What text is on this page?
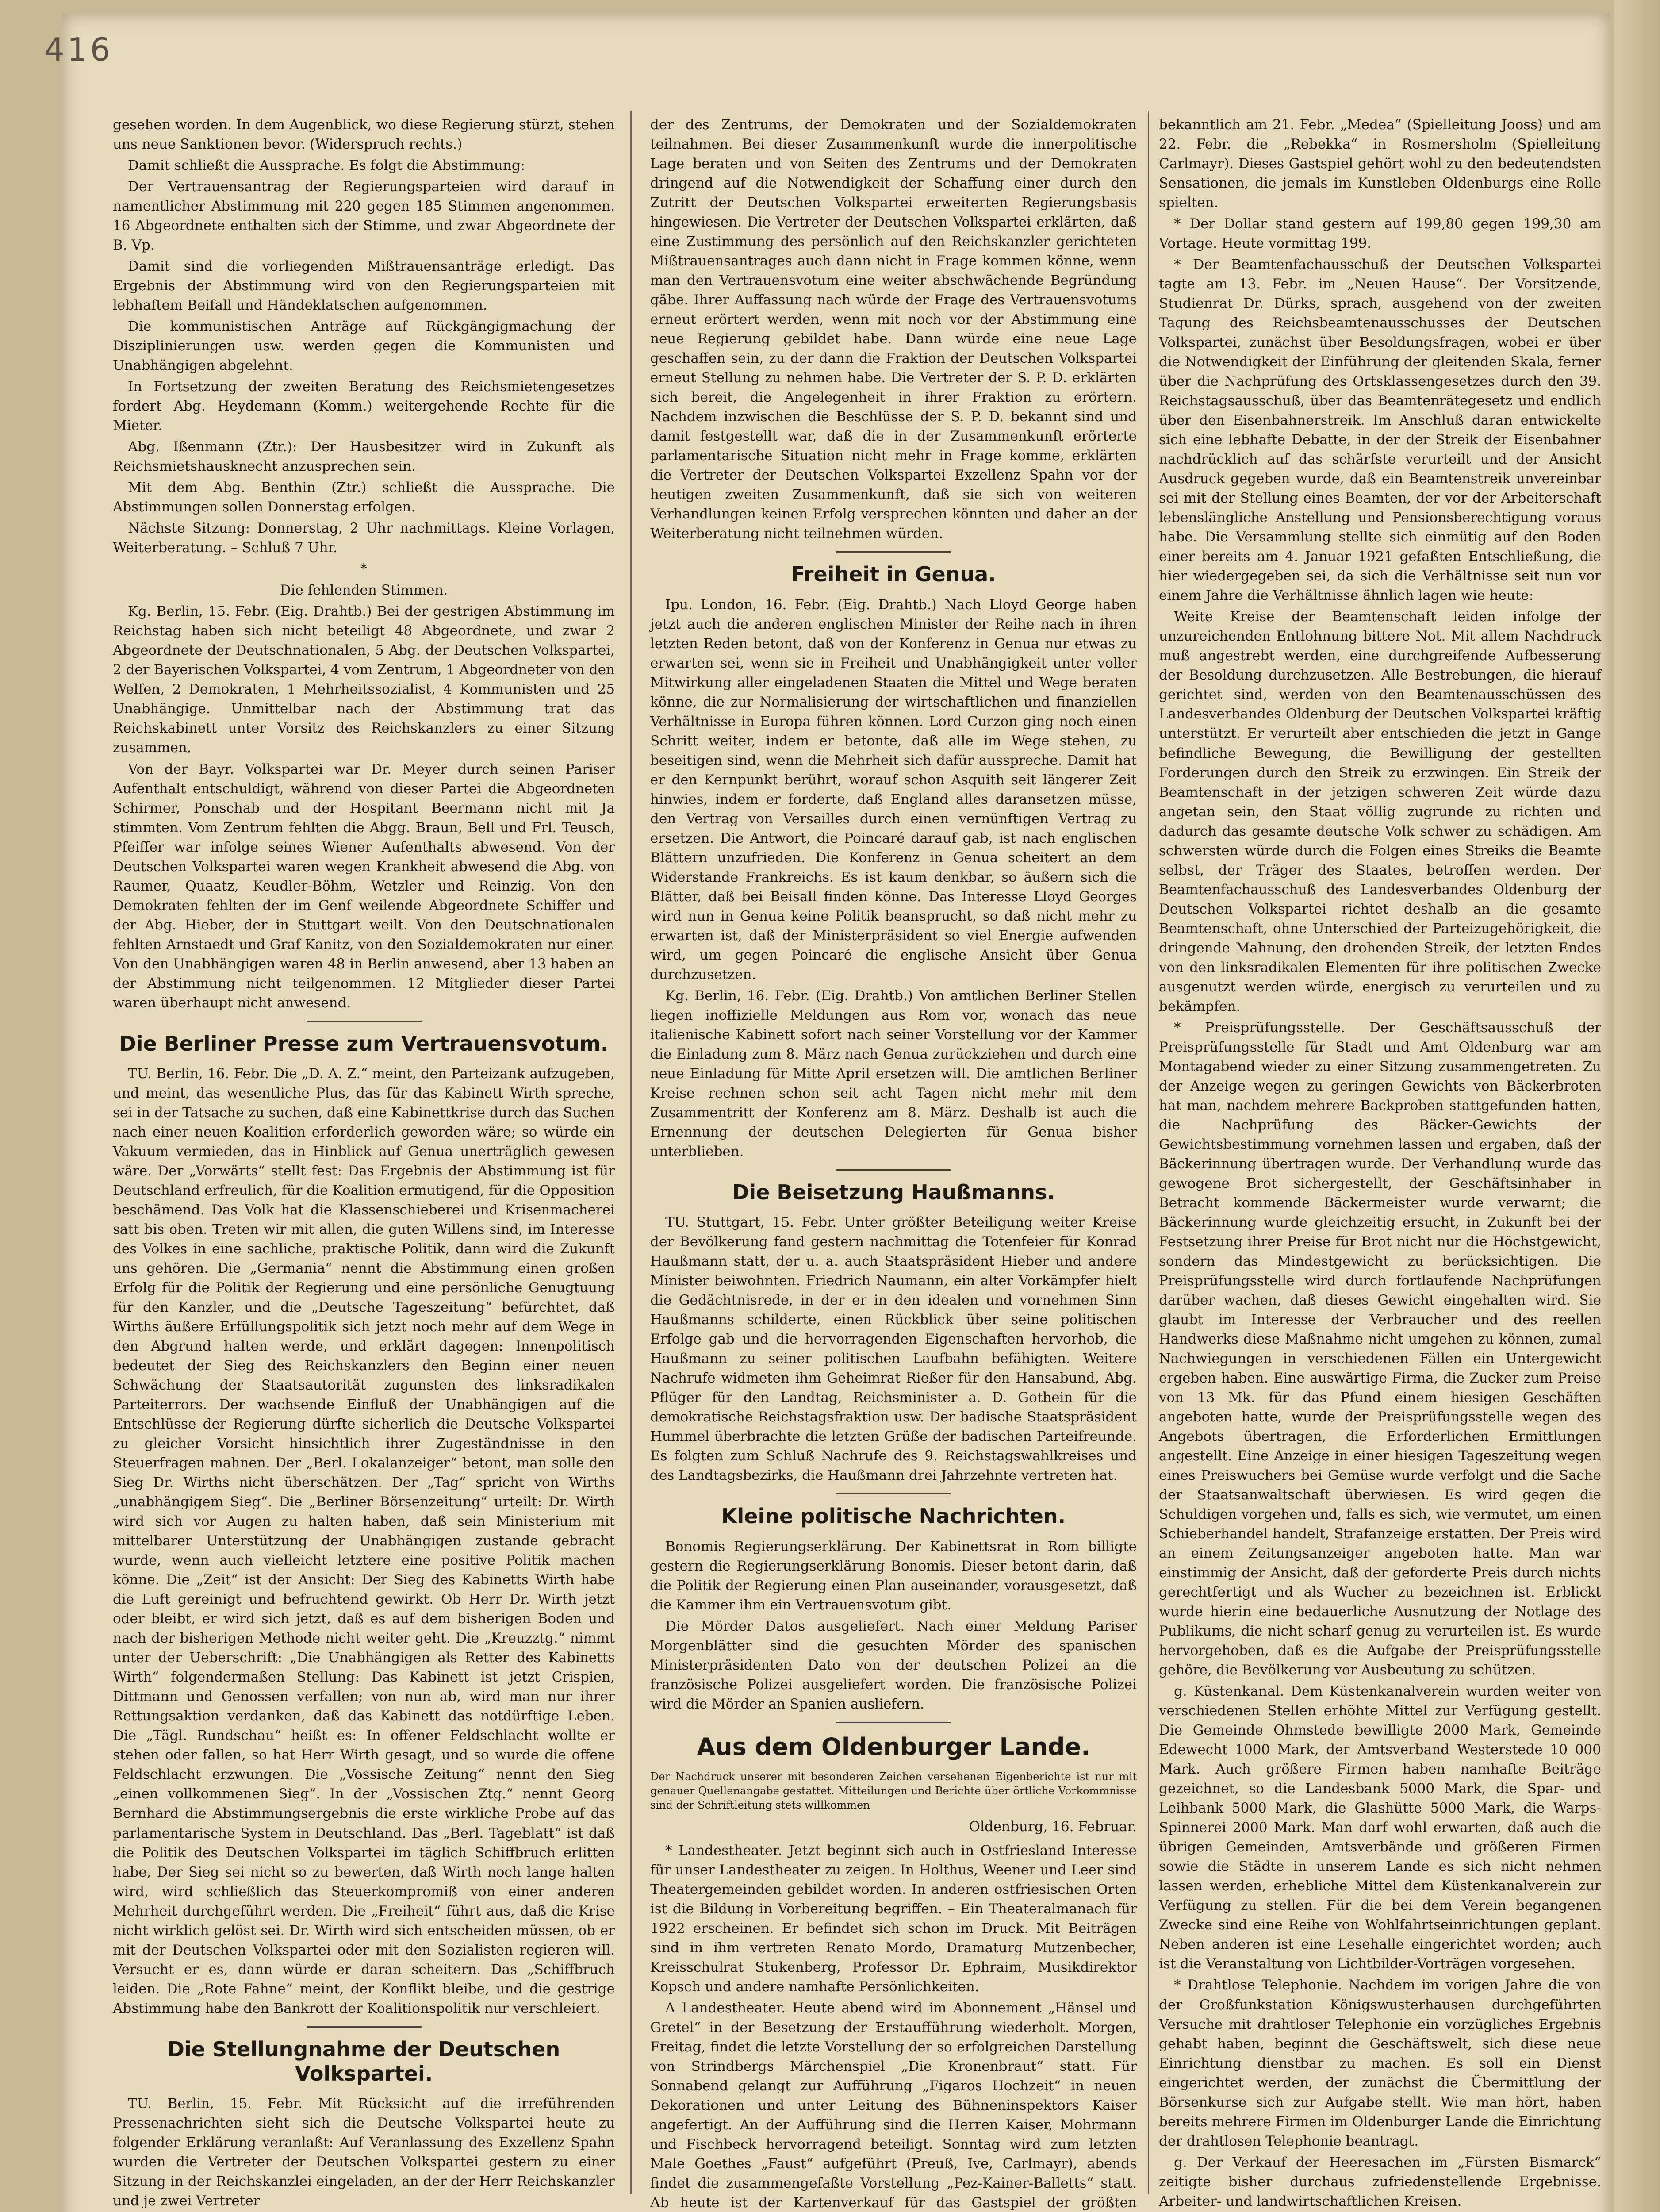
416

gesehen worden. In dem Augenblick, wo diese Regierung stürzt, stehen uns neue Sanktionen bevor. (Widerspruch rechts.)

Damit schließt die Aussprache. Es folgt die Abstimmung:

Der Vertrauensantrag der Regierungsparteien wird darauf in namentlicher Abstimmung mit 220 gegen 185 Stimmen angenommen. 16 Abgeordnete enthalten sich der Stimme, und zwar Abgeordnete der B. Vp.

Damit sind die vorliegenden Mißtrauensanträge erledigt. Das Ergebnis der Abstimmung wird von den Regierungsparteien mit lebhaftem Beifall und Händeklatschen aufgenommen.

Die kommunistischen Anträge auf Rückgängigmachung der Disziplinierungen usw. werden gegen die Kommunisten und Unabhängigen abgelehnt.

In Fortsetzung der zweiten Beratung des Reichsmietengesetzes fordert Abg. Heydemann (Komm.) weitergehende Rechte für die Mieter.

Abg. Ißenmann (Ztr.): Der Hausbesitzer wird in Zukunft als Reichsmietshausknecht anzusprechen sein.

Mit dem Abg. Benthin (Ztr.) schließt die Aussprache. Die Abstimmungen sollen Donnerstag erfolgen.

Nächste Sitzung: Donnerstag, 2 Uhr nachmittags. Kleine Vorlagen, Weiterberatung. – Schluß 7 Uhr.

*

Die fehlenden Stimmen.

Kg. Berlin, 15. Febr. (Eig. Drahtb.) Bei der gestrigen Abstimmung im Reichstag haben sich nicht beteiligt 48 Abgeordnete, und zwar 2 Abgeordnete der Deutschnationalen, 5 Abg. der Deutschen Volkspartei, 2 der Bayerischen Volkspartei, 4 vom Zentrum, 1 Abgeordneter von den Welfen, 2 Demokraten, 1 Mehrheitssozialist, 4 Kommunisten und 25 Unabhängige. Unmittelbar nach der Abstimmung trat das Reichskabinett unter Vorsitz des Reichskanzlers zu einer Sitzung zusammen.

Von der Bayr. Volkspartei war Dr. Meyer durch seinen Pariser Aufenthalt entschuldigt, während von dieser Partei die Abgeordneten Schirmer, Ponschab und der Hospitant Beermann nicht mit Ja stimmten. Vom Zentrum fehlten die Abgg. Braun, Bell und Frl. Teusch, Pfeiffer war infolge seines Wiener Aufenthalts abwesend. Von der Deutschen Volkspartei waren wegen Krankheit abwesend die Abg. von Raumer, Quaatz, Keudler-Böhm, Wetzler und Reinzig. Von den Demokraten fehlten der im Genf weilende Abgeordnete Schiffer und der Abg. Hieber, der in Stuttgart weilt. Von den Deutschnationalen fehlten Arnstaedt und Graf Kanitz, von den Sozialdemokraten nur einer. Von den Unabhängigen waren 48 in Berlin anwesend, aber 13 haben an der Abstimmung nicht teilgenommen. 12 Mitglieder dieser Partei waren überhaupt nicht anwesend.

Die Berliner Presse zum Vertrauensvotum.

TU. Berlin, 16. Febr. Die „D. A. Z.“ meint, den Parteizank aufzugeben, und meint, das wesentliche Plus, das für das Kabinett Wirth spreche, sei in der Tatsache zu suchen, daß eine Kabinettkrise durch das Suchen nach einer neuen Koalition erforderlich geworden wäre; so würde ein Vakuum vermieden, das in Hinblick auf Genua unerträglich gewesen wäre. Der „Vorwärts“ stellt fest: Das Ergebnis der Abstimmung ist für Deutschland erfreulich, für die Koalition ermutigend, für die Opposition beschämend. Das Volk hat die Klassenschieberei und Krisenmacherei satt bis oben. Treten wir mit allen, die guten Willens sind, im Interesse des Volkes in eine sachliche, praktische Politik, dann wird die Zukunft uns gehören. Die „Germania“ nennt die Abstimmung einen großen Erfolg für die Politik der Regierung und eine persönliche Genugtuung für den Kanzler, und die „Deutsche Tageszeitung“ befürchtet, daß Wirths äußere Erfüllungspolitik sich jetzt noch mehr auf dem Wege in den Abgrund halten werde, und erklärt dagegen: Innenpolitisch bedeutet der Sieg des Reichskanzlers den Beginn einer neuen Schwächung der Staatsautorität zugunsten des linksradikalen Parteiterrors. Der wachsende Einfluß der Unabhängigen auf die Entschlüsse der Regierung dürfte sicherlich die Deutsche Volkspartei zu gleicher Vorsicht hinsichtlich ihrer Zugeständnisse in den Steuerfragen mahnen. Der „Berl. Lokalanzeiger“ betont, man solle den Sieg Dr. Wirths nicht überschätzen. Der „Tag“ spricht von Wirths „unabhängigem Sieg“. Die „Berliner Börsenzeitung“ urteilt: Dr. Wirth wird sich vor Augen zu halten haben, daß sein Ministerium mit mittelbarer Unterstützung der Unabhängigen zustande gebracht wurde, wenn auch vielleicht letztere eine positive Politik machen könne. Die „Zeit“ ist der Ansicht: Der Sieg des Kabinetts Wirth habe die Luft gereinigt und befruchtend gewirkt. Ob Herr Dr. Wirth jetzt oder bleibt, er wird sich jetzt, daß es auf dem bisherigen Boden und nach der bisherigen Methode nicht weiter geht. Die „Kreuzztg.“ nimmt unter der Ueberschrift: „Die Unabhängigen als Retter des Kabinetts Wirth“ folgendermaßen Stellung: Das Kabinett ist jetzt Crispien, Dittmann und Genossen verfallen; von nun ab, wird man nur ihrer Rettungsaktion verdanken, daß das Kabinett das notdürftige Leben. Die „Tägl. Rundschau“ heißt es: In offener Feldschlacht wollte er stehen oder fallen, so hat Herr Wirth gesagt, und so wurde die offene Feldschlacht erzwungen. Die „Vossische Zeitung“ nennt den Sieg „einen vollkommenen Sieg“. In der „Vossischen Ztg.“ nennt Georg Bernhard die Abstimmungsergebnis die erste wirkliche Probe auf das parlamentarische System in Deutschland. Das „Berl. Tageblatt“ ist daß die Politik des Deutschen Volkspartei im täglich Schiffbruch erlitten habe, Der Sieg sei nicht so zu bewerten, daß Wirth noch lange halten wird, wird schließlich das Steuerkompromiß von einer anderen Mehrheit durchgeführt werden. Die „Freiheit“ führt aus, daß die Krise nicht wirklich gelöst sei. Dr. Wirth wird sich entscheiden müssen, ob er mit der Deutschen Volkspartei oder mit den Sozialisten regieren will. Versucht er es, dann würde er daran scheitern. Das „Schiffbruch leiden. Die „Rote Fahne“ meint, der Konflikt bleibe, und die gestrige Abstimmung habe den Bankrott der Koalitionspolitik nur verschleiert.

Die Stellungnahme der Deutschen Volkspartei.

TU. Berlin, 15. Febr. Mit Rücksicht auf die irreführenden Pressenachrichten sieht sich die Deutsche Volkspartei heute zu folgender Erklärung veranlaßt: Auf Veranlassung des Exzellenz Spahn wurden die Vertreter der Deutschen Volkspartei gestern zu einer Sitzung in der Reichskanzlei eingeladen, an der der Herr Reichskanzler und je zwei Vertreter

der des Zentrums, der Demokraten und der Sozialdemokraten teilnahmen. Bei dieser Zusammenkunft wurde die innerpolitische Lage beraten und von Seiten des Zentrums und der Demokraten dringend auf die Notwendigkeit der Schaffung einer durch den Zutritt der Deutschen Volkspartei erweiterten Regierungsbasis hingewiesen. Die Vertreter der Deutschen Volkspartei erklärten, daß eine Zustimmung des persönlich auf den Reichskanzler gerichteten Mißtrauensantrages auch dann nicht in Frage kommen könne, wenn man den Vertrauensvotum eine weiter abschwächende Begründung gäbe. Ihrer Auffassung nach würde der Frage des Vertrauensvotums erneut erörtert werden, wenn mit noch vor der Abstimmung eine neue Regierung gebildet habe. Dann würde eine neue Lage geschaffen sein, zu der dann die Fraktion der Deutschen Volkspartei erneut Stellung zu nehmen habe. Die Vertreter der S. P. D. erklärten sich bereit, die Angelegenheit in ihrer Fraktion zu erörtern. Nachdem inzwischen die Beschlüsse der S. P. D. bekannt sind und damit festgestellt war, daß die in der Zusammenkunft erörterte parlamentarische Situation nicht mehr in Frage komme, erklärten die Vertreter der Deutschen Volkspartei Exzellenz Spahn vor der heutigen zweiten Zusammenkunft, daß sie sich von weiteren Verhandlungen keinen Erfolg versprechen könnten und daher an der Weiterberatung nicht teilnehmen würden.

Freiheit in Genua.

Ipu. London, 16. Febr. (Eig. Drahtb.) Nach Lloyd George haben jetzt auch die anderen englischen Minister der Reihe nach in ihren letzten Reden betont, daß von der Konferenz in Genua nur etwas zu erwarten sei, wenn sie in Freiheit und Unabhängigkeit unter voller Mitwirkung aller eingeladenen Staaten die Mittel und Wege beraten könne, die zur Normalisierung der wirtschaftlichen und finanziellen Verhältnisse in Europa führen können. Lord Curzon ging noch einen Schritt weiter, indem er betonte, daß alle im Wege stehen, zu beseitigen sind, wenn die Mehrheit sich dafür ausspreche. Damit hat er den Kernpunkt berührt, worauf schon Asquith seit längerer Zeit hinwies, indem er forderte, daß England alles daransetzen müsse, den Vertrag von Versailles durch einen vernünftigen Vertrag zu ersetzen. Die Antwort, die Poincaré darauf gab, ist nach englischen Blättern unzufrieden. Die Konferenz in Genua scheitert an dem Widerstande Frankreichs. Es ist kaum denkbar, so äußern sich die Blätter, daß bei Beisall finden könne. Das Interesse Lloyd Georges wird nun in Genua keine Politik beansprucht, so daß nicht mehr zu erwarten ist, daß der Ministerpräsident so viel Energie aufwenden wird, um gegen Poincaré die englische Ansicht über Genua durchzusetzen.

Kg. Berlin, 16. Febr. (Eig. Drahtb.) Von amtlichen Berliner Stellen liegen inoffizielle Meldungen aus Rom vor, wonach das neue italienische Kabinett sofort nach seiner Vorstellung vor der Kammer die Einladung zum 8. März nach Genua zurückziehen und durch eine neue Einladung für Mitte April ersetzen will. Die amtlichen Berliner Kreise rechnen schon seit acht Tagen nicht mehr mit dem Zusammentritt der Konferenz am 8. März. Deshalb ist auch die Ernennung der deutschen Delegierten für Genua bisher unterblieben.

Die Beisetzung Haußmanns.

TU. Stuttgart, 15. Febr. Unter größter Beteiligung weiter Kreise der Bevölkerung fand gestern nachmittag die Totenfeier für Konrad Haußmann statt, der u. a. auch Staatspräsident Hieber und andere Minister beiwohnten. Friedrich Naumann, ein alter Vorkämpfer hielt die Gedächtnisrede, in der er in den idealen und vornehmen Sinn Haußmanns schilderte, einen Rückblick über seine politischen Erfolge gab und die hervorragenden Eigenschaften hervorhob, die Haußmann zu seiner politischen Laufbahn befähigten. Weitere Nachrufe widmeten ihm Geheimrat Rießer für den Hansabund, Abg. Pflüger für den Landtag, Reichsminister a. D. Gothein für die demokratische Reichstagsfraktion usw. Der badische Staatspräsident Hummel überbrachte die letzten Grüße der badischen Parteifreunde. Es folgten zum Schluß Nachrufe des 9. Reichstagswahlkreises und des Landtagsbezirks, die Haußmann drei Jahrzehnte vertreten hat.

Kleine politische Nachrichten.

Bonomis Regierungserklärung. Der Kabinettsrat in Rom billigte gestern die Regierungserklärung Bonomis. Dieser betont darin, daß die Politik der Regierung einen Plan auseinander, vorausgesetzt, daß die Kammer ihm ein Vertrauensvotum gibt.

Die Mörder Datos ausgeliefert. Nach einer Meldung Pariser Morgenblätter sind die gesuchten Mörder des spanischen Ministerpräsidenten Dato von der deutschen Polizei an die französische Polizei ausgeliefert worden. Die französische Polizei wird die Mörder an Spanien ausliefern.

Aus dem Oldenburger Lande.
Der Nachdruck unserer mit besonderen Zeichen versehenen Eigenberichte ist nur mit genauer Quellenangabe gestattet. Mitteilungen und Berichte über örtliche Vorkommnisse sind der Schriftleitung stets willkommen
Oldenburg, 16. Februar.

* Landestheater. Jetzt beginnt sich auch in Ostfriesland Interesse für unser Landestheater zu zeigen. In Holthus, Weener und Leer sind Theatergemeinden gebildet worden. In anderen ostfriesischen Orten ist die Bildung in Vorbereitung begriffen. – Ein Theateralmanach für 1922 erscheinen. Er befindet sich schon im Druck. Mit Beiträgen sind in ihm vertreten Renato Mordo, Dramaturg Mutzenbecher, Kreisschulrat Stukenberg, Professor Dr. Ephraim, Musikdirektor Kopsch und andere namhafte Persönlichkeiten.

Δ Landestheater. Heute abend wird im Abonnement „Hänsel und Gretel“ in der Besetzung der Erstaufführung wiederholt. Morgen, Freitag, findet die letzte Vorstellung der so erfolgreichen Darstellung von Strindbergs Märchenspiel „Die Kronenbraut“ statt. Für Sonnabend gelangt zur Aufführung „Figaros Hochzeit“ in neuen Dekorationen und unter Leitung des Bühneninspektors Kaiser angefertigt. An der Aufführung sind die Herren Kaiser, Mohrmann und Fischbeck hervorragend beteiligt. Sonntag wird zum letzten Male Goethes „Faust“ aufgeführt (Preuß, Ive, Carlmayr), abends findet die zusammengefaßte Vorstellung „Pez-Kainer-Balletts“ statt. Ab heute ist der Kartenverkauf für das Gastspiel der größten

bekanntlich am 21. Febr. „Medea“ (Spielleitung Jooss) und am 22. Febr. die „Rebekka“ in Rosmersholm (Spielleitung Carlmayr). Dieses Gastspiel gehört wohl zu den bedeutendsten Sensationen, die jemals im Kunstleben Oldenburgs eine Rolle spielten.

* Der Dollar stand gestern auf 199,80 gegen 199,30 am Vortage. Heute vormittag 199.

* Der Beamtenfachausschuß der Deutschen Volkspartei tagte am 13. Febr. im „Neuen Hause“. Der Vorsitzende, Studienrat Dr. Dürks, sprach, ausgehend von der zweiten Tagung des Reichsbeamtenausschusses der Deutschen Volkspartei, zunächst über Besoldungsfragen, wobei er über die Notwendigkeit der Einführung der gleitenden Skala, ferner über die Nachprüfung des Ortsklassengesetzes durch den 39. Reichstagsausschuß, über das Beamtenrätegesetz und endlich über den Eisenbahnerstreik. Im Anschluß daran entwickelte sich eine lebhafte Debatte, in der der Streik der Eisenbahner nachdrücklich auf das schärfste verurteilt und der Ansicht Ausdruck gegeben wurde, daß ein Beamtenstreik unvereinbar sei mit der Stellung eines Beamten, der vor der Arbeiterschaft lebenslängliche Anstellung und Pensionsberechtigung voraus habe. Die Versammlung stellte sich einmütig auf den Boden einer bereits am 4. Januar 1921 gefaßten Entschließung, die hier wiedergegeben sei, da sich die Verhältnisse seit nun vor einem Jahre die Verhältnisse ähnlich lagen wie heute:

Weite Kreise der Beamtenschaft leiden infolge der unzureichenden Entlohnung bittere Not. Mit allem Nachdruck muß angestrebt werden, eine durchgreifende Aufbesserung der Besoldung durchzusetzen. Alle Bestrebungen, die hierauf gerichtet sind, werden von den Beamtenausschüssen des Landesverbandes Oldenburg der Deutschen Volkspartei kräftig unterstützt. Er verurteilt aber entschieden die jetzt in Gange befindliche Bewegung, die Bewilligung der gestellten Forderungen durch den Streik zu erzwingen. Ein Streik der Beamtenschaft in der jetzigen schweren Zeit würde dazu angetan sein, den Staat völlig zugrunde zu richten und dadurch das gesamte deutsche Volk schwer zu schädigen. Am schwersten würde durch die Folgen eines Streiks die Beamte selbst, der Träger des Staates, betroffen werden. Der Beamtenfachausschuß des Landesverbandes Oldenburg der Deutschen Volkspartei richtet deshalb an die gesamte Beamtenschaft, ohne Unterschied der Parteizugehörigkeit, die dringende Mahnung, den drohenden Streik, der letzten Endes von den linksradikalen Elementen für ihre politischen Zwecke ausgenutzt werden würde, energisch zu verurteilen und zu bekämpfen.

* Preisprüfungsstelle. Der Geschäftsausschuß der Preisprüfungsstelle für Stadt und Amt Oldenburg war am Montagabend wieder zu einer Sitzung zusammengetreten. Zu der Anzeige wegen zu geringen Gewichts von Bäckerbroten hat man, nachdem mehrere Backproben stattgefunden hatten, die Nachprüfung des Bäcker-Gewichts der Gewichtsbestimmung vornehmen lassen und ergaben, daß der Bäckerinnung übertragen wurde. Der Verhandlung wurde das gewogene Brot sichergestellt, der Geschäftsinhaber in Betracht kommende Bäckermeister wurde verwarnt; die Bäckerinnung wurde gleichzeitig ersucht, in Zukunft bei der Festsetzung ihrer Preise für Brot nicht nur die Höchstgewicht, sondern das Mindestgewicht zu berücksichtigen. Die Preisprüfungsstelle wird durch fortlaufende Nachprüfungen darüber wachen, daß dieses Gewicht eingehalten wird. Sie glaubt im Interesse der Verbraucher und des reellen Handwerks diese Maßnahme nicht umgehen zu können, zumal Nachwiegungen in verschiedenen Fällen ein Untergewicht ergeben haben. Eine auswärtige Firma, die Zucker zum Preise von 13 Mk. für das Pfund einem hiesigen Geschäften angeboten hatte, wurde der Preisprüfungsstelle wegen des Angebots übertragen, die Erforderlichen Ermittlungen angestellt. Eine Anzeige in einer hiesigen Tageszeitung wegen eines Preiswuchers bei Gemüse wurde verfolgt und die Sache der Staatsanwaltschaft überwiesen. Es wird gegen die Schuldigen vorgehen und, falls es sich, wie vermutet, um einen Schieberhandel handelt, Strafanzeige erstatten. Der Preis wird an einem Zeitungsanzeiger angeboten hatte. Man war einstimmig der Ansicht, daß der geforderte Preis durch nichts gerechtfertigt und als Wucher zu bezeichnen ist. Erblickt wurde hierin eine bedauerliche Ausnutzung der Notlage des Publikums, die nicht scharf genug zu verurteilen ist. Es wurde hervorgehoben, daß es die Aufgabe der Preisprüfungsstelle gehöre, die Bevölkerung vor Ausbeutung zu schützen.

g. Küstenkanal. Dem Küstenkanalverein wurden weiter von verschiedenen Stellen erhöhte Mittel zur Verfügung gestellt. Die Gemeinde Ohmstede bewilligte 2000 Mark, Gemeinde Edewecht 1000 Mark, der Amtsverband Westerstede 10 000 Mark. Auch größere Firmen haben namhafte Beiträge gezeichnet, so die Landesbank 5000 Mark, die Spar- und Leihbank 5000 Mark, die Glashütte 5000 Mark, die Warps-Spinnerei 2000 Mark. Man darf wohl erwarten, daß auch die übrigen Gemeinden, Amtsverbände und größeren Firmen sowie die Städte in unserem Lande es sich nicht nehmen lassen werden, erhebliche Mittel dem Küstenkanalverein zur Verfügung zu stellen. Für die bei dem Verein begangenen Zwecke sind eine Reihe von Wohlfahrtseinrichtungen geplant. Neben anderen ist eine Lesehalle eingerichtet worden; auch ist die Veranstaltung von Lichtbilder-Vorträgen vorgesehen.

* Drahtlose Telephonie. Nachdem im vorigen Jahre die von der Großfunkstation Königswusterhausen durchgeführten Versuche mit drahtloser Telephonie ein vorzügliches Ergebnis gehabt haben, beginnt die Geschäftswelt, sich diese neue Einrichtung dienstbar zu machen. Es soll ein Dienst eingerichtet werden, der zunächst die Übermittlung der Börsenkurse sich zur Aufgabe stellt. Wie man hört, haben bereits mehrere Firmen im Oldenburger Lande die Einrichtung der drahtlosen Telephonie beantragt.

g. Der Verkauf der Heeresachen im „Fürsten Bismarck“ zeitigte bisher durchaus zufriedenstellende Ergebnisse. Arbeiter- und landwirtschaftlichen Kreisen.
